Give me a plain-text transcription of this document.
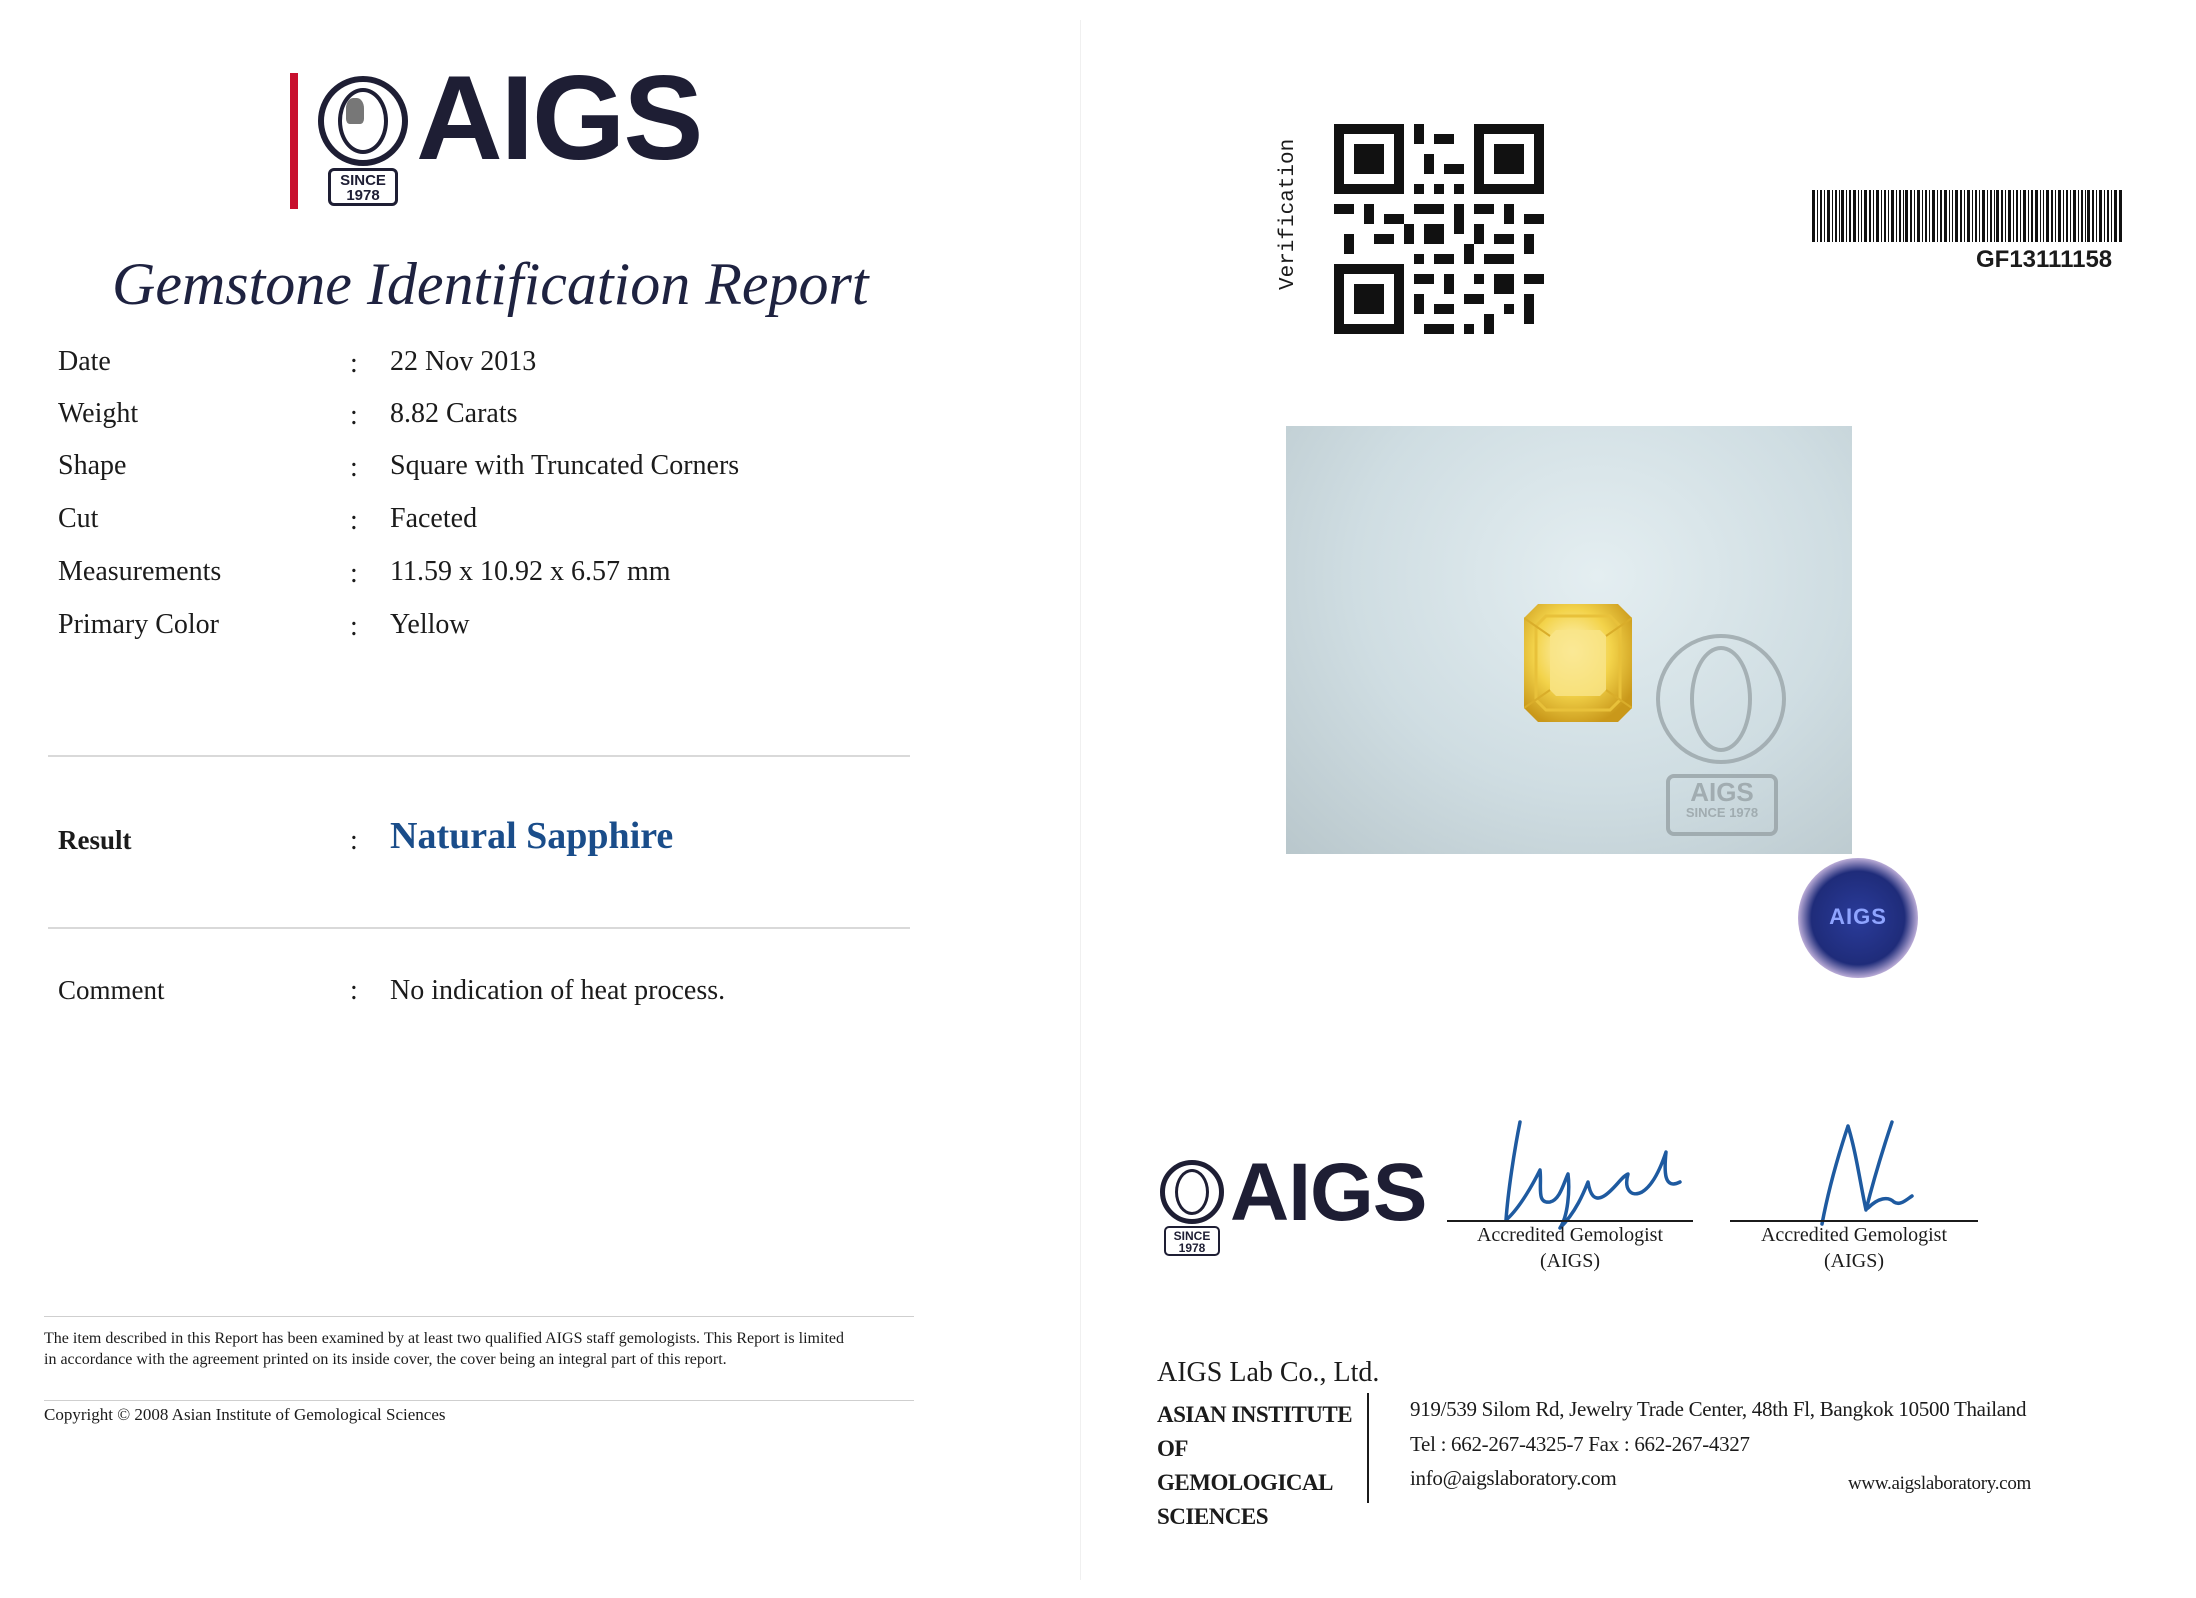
SINCE
1978
AIGS
Gemstone Identification Report
Date	: 22 Nov 2013
Weight	: 8.82 Carats
Shape	: Square with Truncated Corners
Cut	: Faceted
Measurements	: 11.59 x 10.92 x 6.57 mm
Primary Color	: Yellow
Result	: Natural Sapphire
Comment	: No indication of heat process.
The item described in this Report has been examined by at least two qualified AIGS staff gemologists. This Report is limited in accordance with the agreement printed on its inside cover, the cover being an integral part of this report.
Copyright © 2008 Asian Institute of Gemological Sciences
Verification	GF13111158
AIGS
SINCE 1978
AIGS
SINCE
1978
AIGS	Accredited Gemologist
(AIGS)
Accredited Gemologist
(AIGS)
AIGS Lab Co., Ltd.
ASIAN INSTITUTE
OF GEMOLOGICAL
SCIENCES
919/539 Silom Rd, Jewelry Trade Center, 48th Fl, Bangkok 10500 Thailand
Tel : 662-267-4325-7 Fax : 662-267-4327
info@aigslaboratory.com	www.aigslaboratory.com
